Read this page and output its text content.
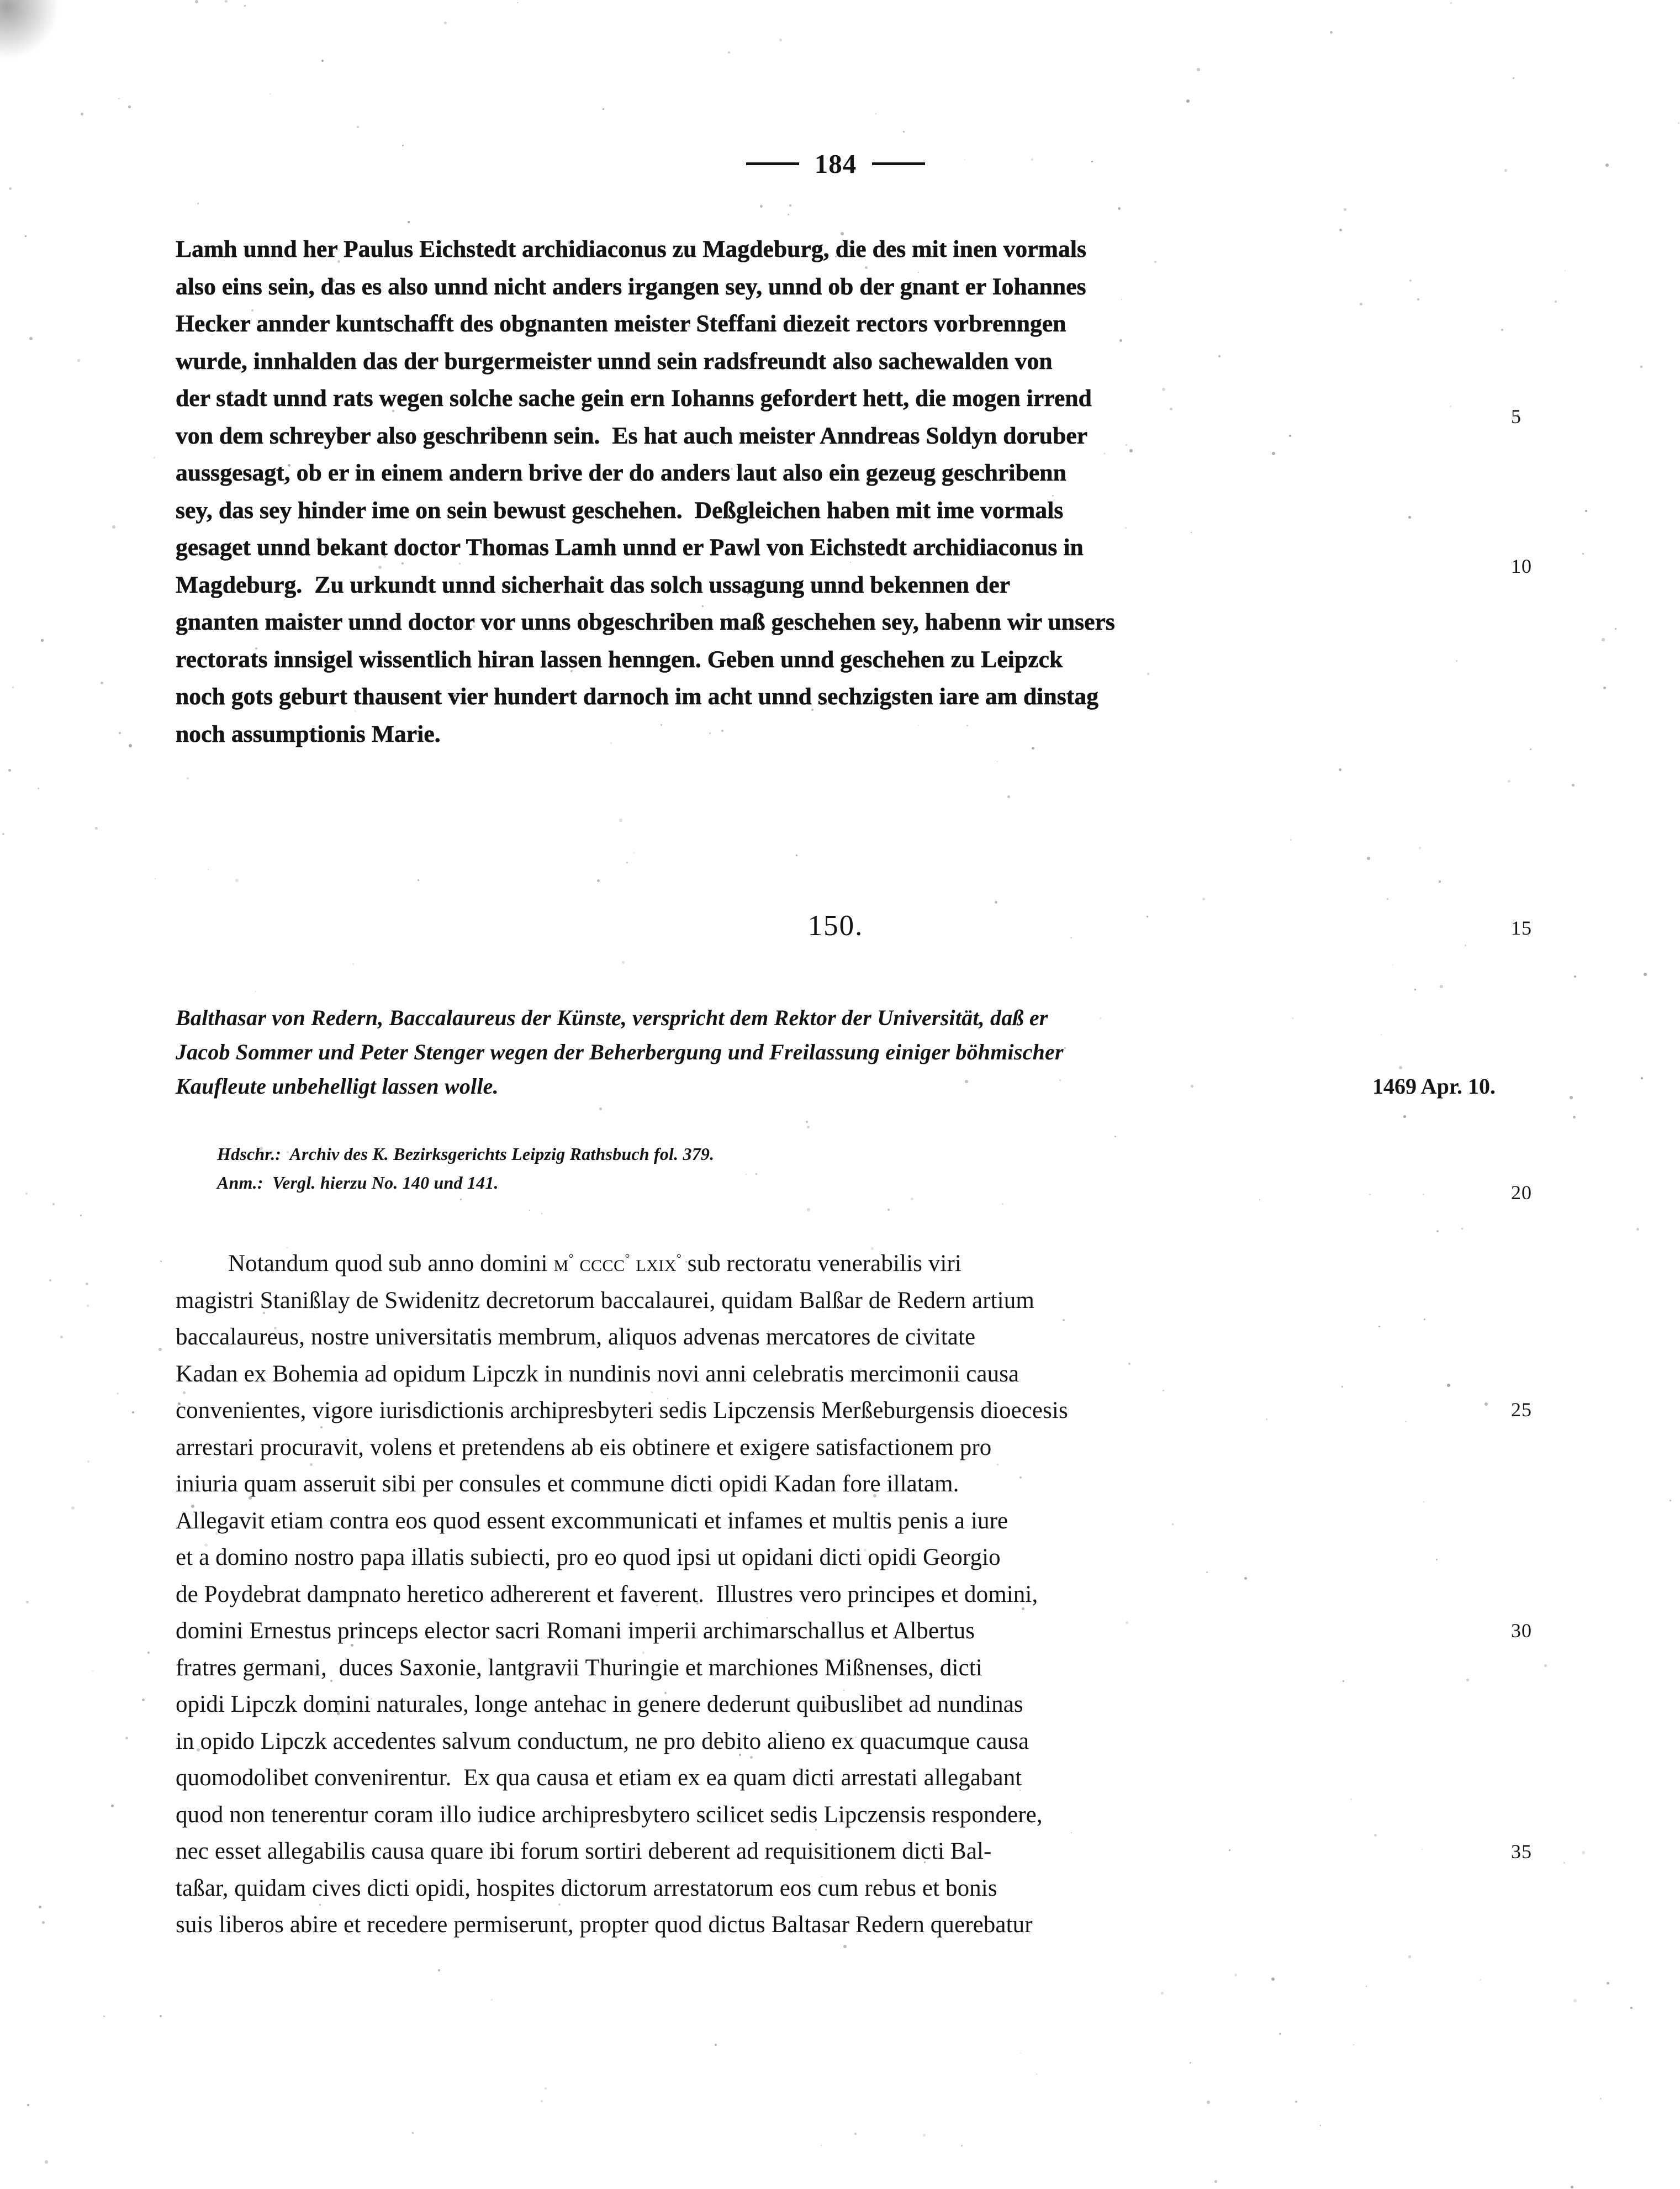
184
Lamh unnd her Paulus Eichstedt archidiaconus zu Magdeburg, die des mit inen vormals
also eins sein, das es also unnd nicht anders irgangen sey, unnd ob der gnant er Iohannes
Hecker annder kuntschafft des obgnanten meister Steffani diezeit rectors vorbrenngen
wurde, innhalden das der burgermeister unnd sein radsfreundt also sachewalden von
der stadt unnd rats wegen solche sache gein ern Iohanns gefordert hett, die mogen irrend
von dem schreyber also geschribenn sein.  Es hat auch meister Anndreas Soldyn doruber
aussgesagt, ob er in einem andern brive der do anders laut also ein gezeug geschribenn
sey, das sey hinder ime on sein bewust geschehen.  Deßgleichen haben mit ime vormals
gesaget unnd bekant doctor Thomas Lamh unnd er Pawl von Eichstedt archidiaconus in
Magdeburg.  Zu urkundt unnd sicherhait das solch ussagung unnd bekennen der
gnanten maister unnd doctor vor unns obgeschriben maß geschehen sey, habenn wir unsers
rectorats innsigel wissentlich hiran lassen henngen. Geben unnd geschehen zu Leipzck
noch gots geburt thausent vier hundert darnoch im acht unnd sechzigsten iare am dinstag
noch assumptionis Marie.
150.
Balthasar von Redern, Baccalaureus der Künste, verspricht dem Rektor der Universität, daß er
Jacob Sommer und Peter Stenger wegen der Beherbergung und Freilassung einiger böhmischer
1469 Apr. 10.
Kaufleute unbehelligt lassen wolle.
Hdschr.:  Archiv des K. Bezirksgerichts Leipzig Rathsbuch fol. 379.
Anm.:  Vergl. hierzu No. 140 und 141.
Notandum quod sub anno domini m° cccc° lxix° sub rectoratu venerabilis viri
magistri Stanißlay de Swidenitz decretorum baccalaurei, quidam Balßar de Redern artium
baccalaureus, nostre universitatis membrum, aliquos advenas mercatores de civitate
Kadan ex Bohemia ad opidum Lipczk in nundinis novi anni celebratis mercimonii causa
convenientes, vigore iurisdictionis archipresbyteri sedis Lipczensis Merßeburgensis dioecesis
arrestari procuravit, volens et pretendens ab eis obtinere et exigere satisfactionem pro
iniuria quam asseruit sibi per consules et commune dicti opidi Kadan fore illatam.
Allegavit etiam contra eos quod essent excommunicati et infames et multis penis a iure
et a domino nostro papa illatis subiecti, pro eo quod ipsi ut opidani dicti opidi Georgio
de Poydebrat dampnato heretico adhererent et faverent.  Illustres vero principes et domini,
domini Ernestus princeps elector sacri Romani imperii archimarschallus et Albertus
fratres germani,  duces Saxonie, lantgravii Thuringie et marchiones Mißnenses, dicti
opidi Lipczk domini naturales, longe antehac in genere dederunt quibuslibet ad nundinas
in opido Lipczk accedentes salvum conductum, ne pro debito alieno ex quacumque causa
quomodolibet convenirentur.  Ex qua causa et etiam ex ea quam dicti arrestati allegabant
quod non tenerentur coram illo iudice archipresbytero scilicet sedis Lipczensis respondere,
nec esset allegabilis causa quare ibi forum sortiri deberent ad requisitionem dicti Bal-
taßar, quidam cives dicti opidi, hospites dictorum arrestatorum eos cum rebus et bonis
suis liberos abire et recedere permiserunt, propter quod dictus Baltasar Redern querebatur
5
10
15
20
25
30
35
